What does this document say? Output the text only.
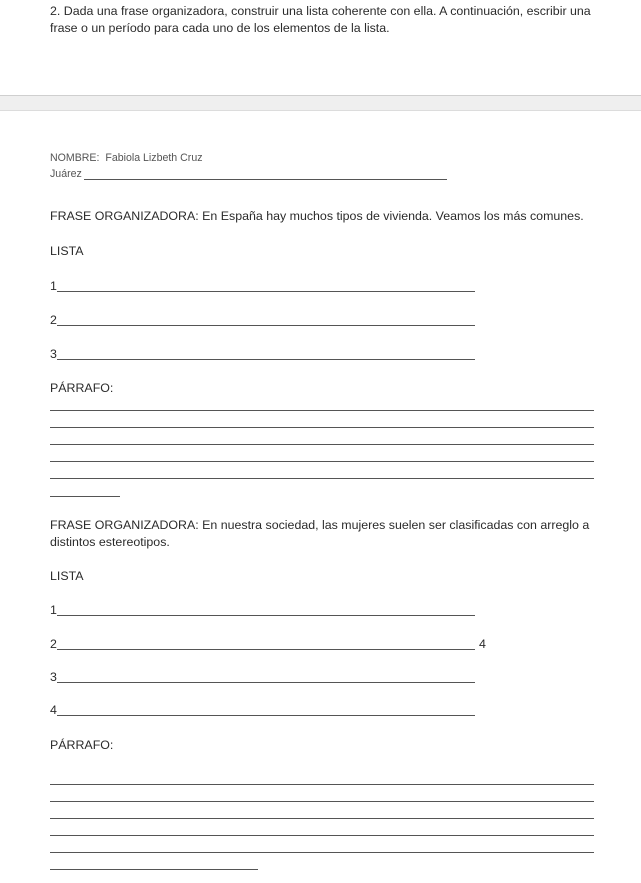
2. Dada una frase organizadora, construir una lista coherente con ella. A continuación, escribir una frase o un período para cada uno de los elementos de la lista.
NOMBRE: Fabiola Lizbeth Cruz
Juárez
FRASE ORGANIZADORA: En España hay muchos tipos de vivienda. Veamos los más comunes.
LISTA
1
2
3
PÁRRAFO:
FRASE ORGANIZADORA: En nuestra sociedad, las mujeres suelen ser clasificadas con arreglo a distintos estereotipos.
LISTA
1
2	4
3
4
PÁRRAFO:
